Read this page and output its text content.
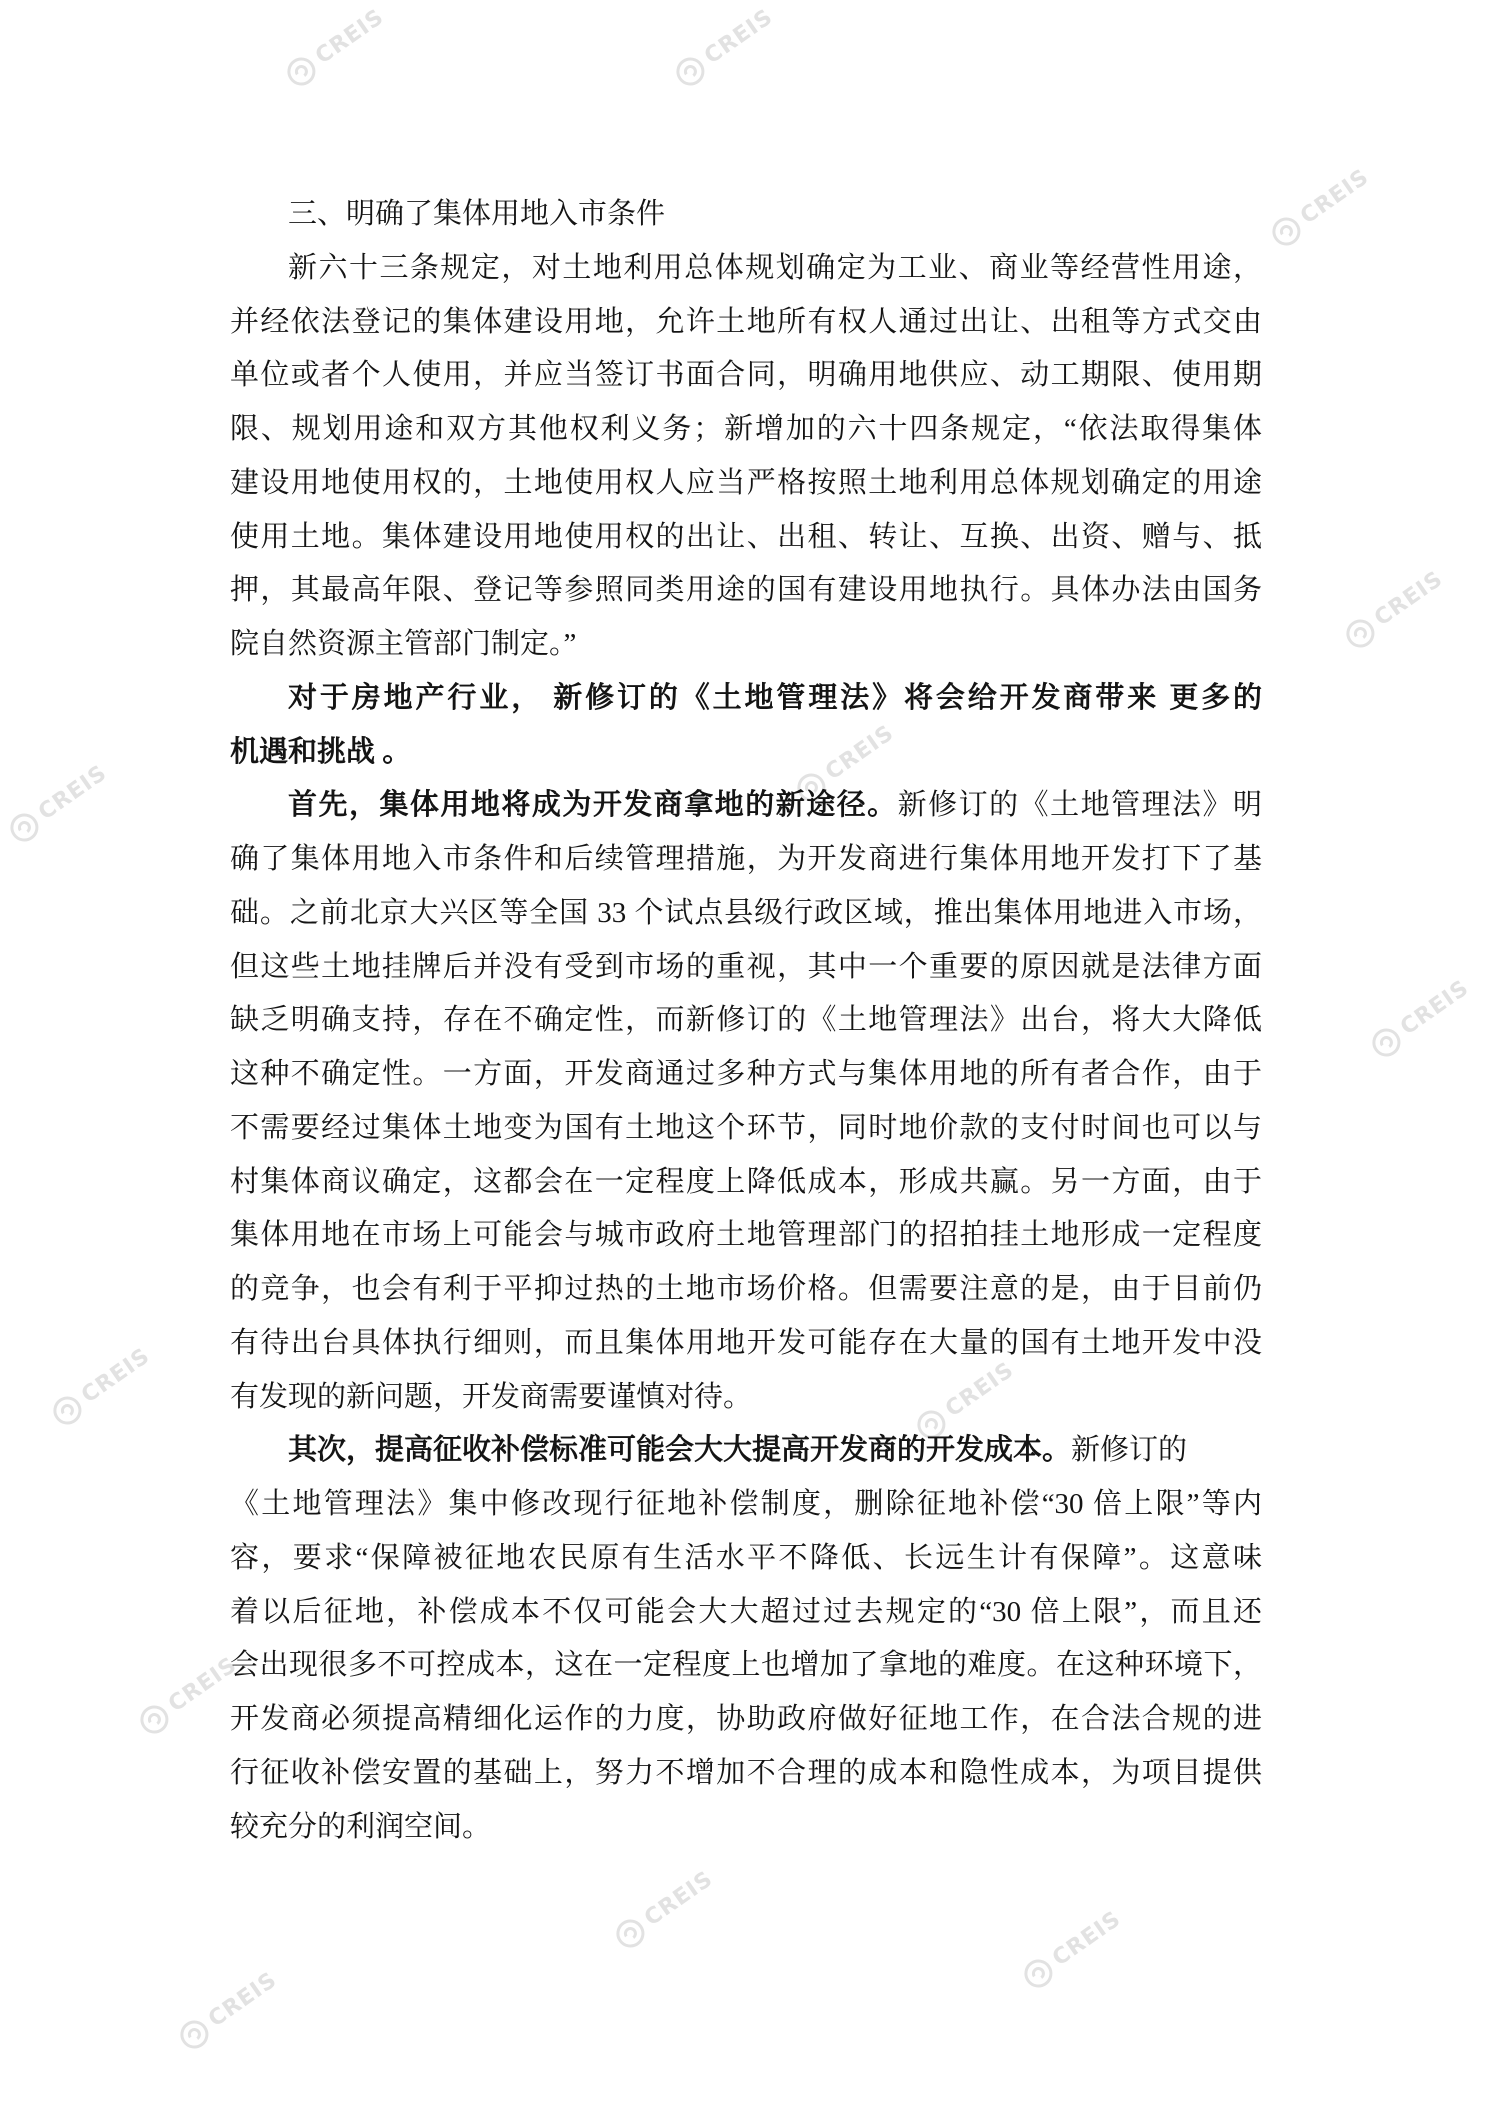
CREIS	CREIS
CREIS
CREIS
CREIS
CREIS
CREIS
CREIS	CREIS
CREIS
CREIS
CREIS
CREIS
三、明确了集体用地入市条件
新六十三条规定，对土地利用总体规划确定为工业、商业等经营性用途，
并经依法登记的集体建设用地，允许土地所有权人通过出让、出租等方式交由
单位或者个人使用，并应当签订书面合同，明确用地供应、动工期限、使用期
限、规划用途和双方其他权利义务；新增加的六十四条规定，“依法取得集体
建设用地使用权的，土地使用权人应当严格按照土地利用总体规划确定的用途
使用土地。集体建设用地使用权的出让、出租、转让、互换、出资、赠与、抵
押，其最高年限、登记等参照同类用途的国有建设用地执行。具体办法由国务
院自然资源主管部门制定。”
对于房地产行业， 新修订的《土地管理法》将会给开发商带来 更多的
机遇和挑战 。
首先，集体用地将成为开发商拿地的新途径。新修订的《土地管理法》明
确了集体用地入市条件和后续管理措施，为开发商进行集体用地开发打下了基
础。之前北京大兴区等全国 33 个试点县级行政区域，推出集体用地进入市场，
但这些土地挂牌后并没有受到市场的重视，其中一个重要的原因就是法律方面
缺乏明确支持，存在不确定性，而新修订的《土地管理法》出台，将大大降低
这种不确定性。一方面，开发商通过多种方式与集体用地的所有者合作，由于
不需要经过集体土地变为国有土地这个环节，同时地价款的支付时间也可以与
村集体商议确定，这都会在一定程度上降低成本，形成共赢。另一方面，由于
集体用地在市场上可能会与城市政府土地管理部门的招拍挂土地形成一定程度
的竞争，也会有利于平抑过热的土地市场价格。但需要注意的是，由于目前仍
有待出台具体执行细则，而且集体用地开发可能存在大量的国有土地开发中没
有发现的新问题，开发商需要谨慎对待。
其次，提高征收补偿标准可能会大大提高开发商的开发成本。新修订的
《土地管理法》集中修改现行征地补偿制度，删除征地补偿“30 倍上限”等内
容，要求“保障被征地农民原有生活水平不降低、长远生计有保障”。这意味
着以后征地，补偿成本不仅可能会大大超过过去规定的“30 倍上限”，而且还
会出现很多不可控成本，这在一定程度上也增加了拿地的难度。在这种环境下，
开发商必须提高精细化运作的力度，协助政府做好征地工作，在合法合规的进
行征收补偿安置的基础上，努力不增加不合理的成本和隐性成本，为项目提供
较充分的利润空间。
